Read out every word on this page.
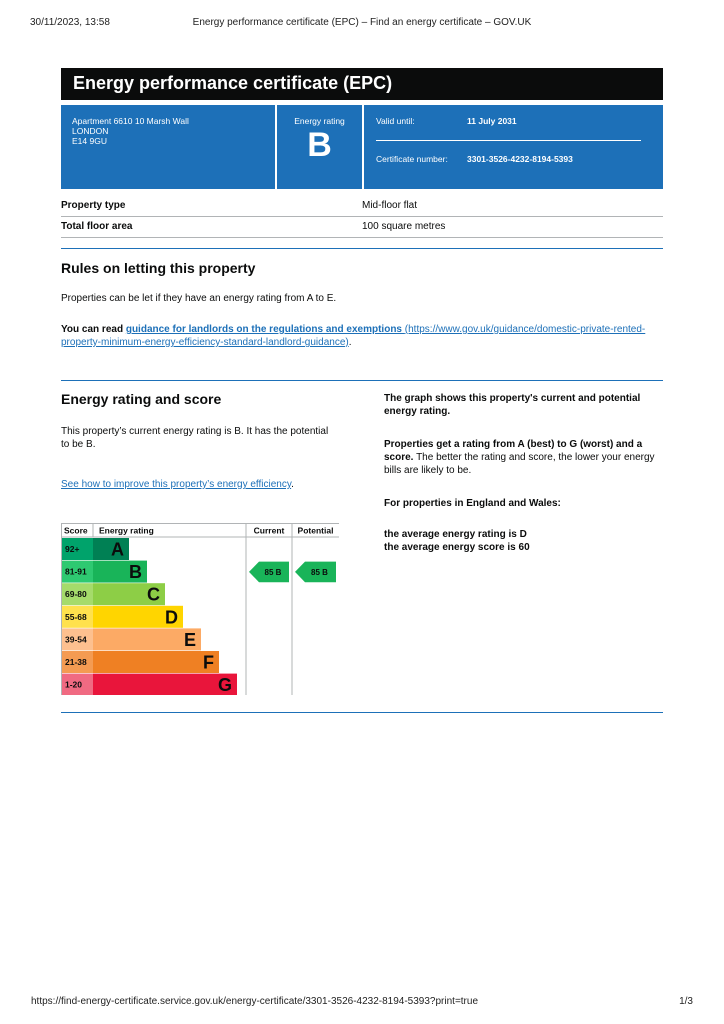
30/11/2023, 13:58	Energy performance certificate (EPC) – Find an energy certificate – GOV.UK
Energy performance certificate (EPC)
Apartment 6610 10 Marsh Wall
LONDON
E14 9GU
Energy rating
B
Valid until:	11 July 2031
Certificate number:	3301-3526-4232-8194-5393
Property type	Mid-floor flat
Total floor area	100 square metres
Rules on letting this property

Properties can be let if they have an energy rating from A to E.

You can read guidance for landlords on the regulations and exemptions (https://www.gov.uk/guidance/domestic-private-rented-property-minimum-energy-efficiency-standard-landlord-guidance).

Energy rating and score

This property’s current energy rating is B. It has the potential to be B.

See how to improve this property’s energy efficiency.

Score Energy rating	Current Potential
92+ A
81-91 B
69-80	C
55-68	D
39-54	E
21-38	F
1-20	G
85 B	85 B

The graph shows this property's current and potential energy rating.

Properties get a rating from A (best) to G (worst) and a score. The better the rating and score, the lower your energy bills are likely to be.

For properties in England and Wales:

the average energy rating is D

the average energy score is 60

https://find-energy-certificate.service.gov.uk/energy-certificate/3301-3526-4232-8194-5393?print=true	1/3
